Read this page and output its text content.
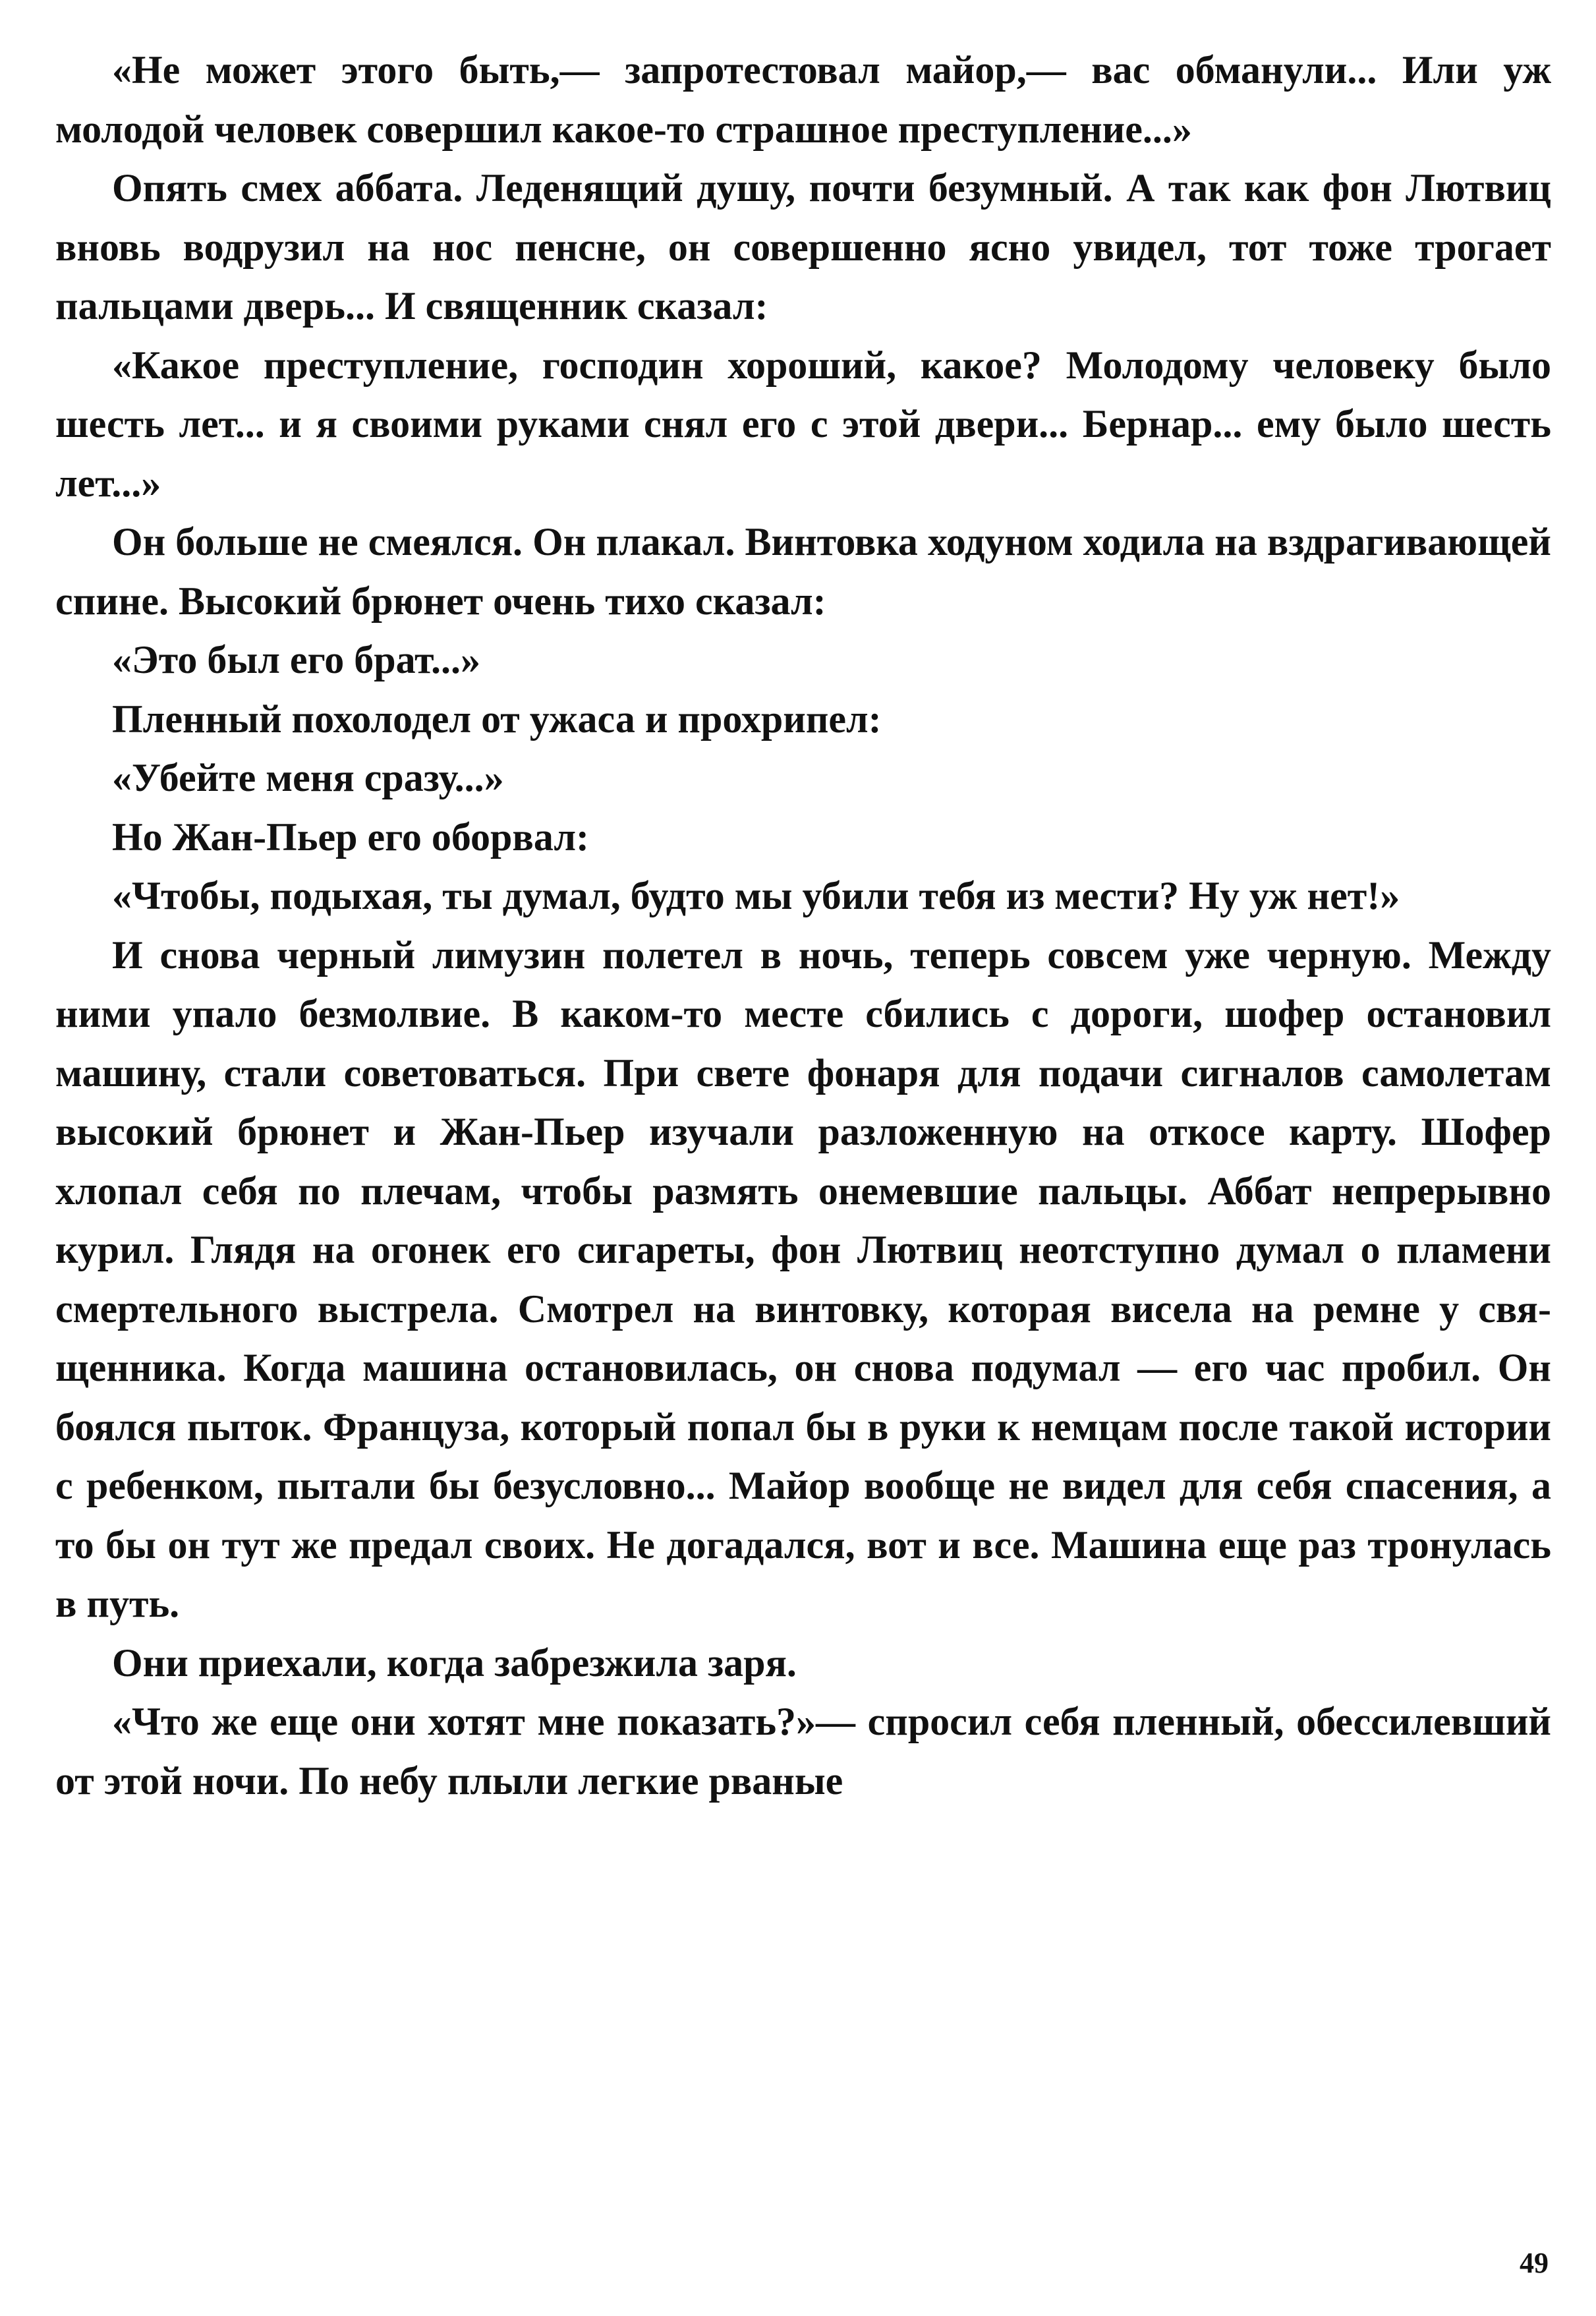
«Не может этого быть,— запротестовал майор,— вас обманули... Или уж молодой человек совершил какое-то страшное преступление...»

Опять смех аббата. Леденящий душу, почти безумный. А так как фон Лютвиц вновь водрузил на нос пенсне, он совершенно ясно увидел, тот тоже трогает пальцами дверь... И священник сказал:

«Какое преступление, господин хороший, какое? Молодому человеку было шесть лет... и я своими руками снял его с этой двери... Бернар... ему было шесть лет...»

Он больше не смеялся. Он плакал. Винтовка ходуном ходила на вздрагивающей спине. Высокий брюнет очень тихо сказал:

«Это был его брат...»

Пленный похолодел от ужаса и прохрипел:

«Убейте меня сразу...»

Но Жан-Пьер его оборвал:

«Чтобы, подыхая, ты думал, будто мы убили тебя из мести? Ну уж нет!»

И снова черный лимузин полетел в ночь, теперь совсем уже черную. Между ними упало безмолвие. В каком-то месте сбились с дороги, шофер остановил машину, стали советоваться. При свете фонаря для подачи сигналов самолетам высокий брюнет и Жан-Пьер изучали разложенную на откосе карту. Шофер хлопал себя по плечам, чтобы размять онемевшие пальцы. Аббат непрерывно курил. Глядя на огонек его сигареты, фон Лютвиц неотступно думал о пламени смертельного выстрела. Смотрел на винтовку, которая висела на ремне у священника. Когда машина остановилась, он снова подумал — его час пробил. Он боялся пыток. Француза, который попал бы в руки к немцам после такой истории с ребенком, пытали бы безусловно... Майор вообще не видел для себя спасения, а то бы он тут же предал своих. Не догадался, вот и все. Машина еще раз тронулась в путь.

Они приехали, когда забрезжила заря.

«Что же еще они хотят мне показать?»— спросил себя пленный, обессилевший от этой ночи. По небу плыли легкие рваные

49
